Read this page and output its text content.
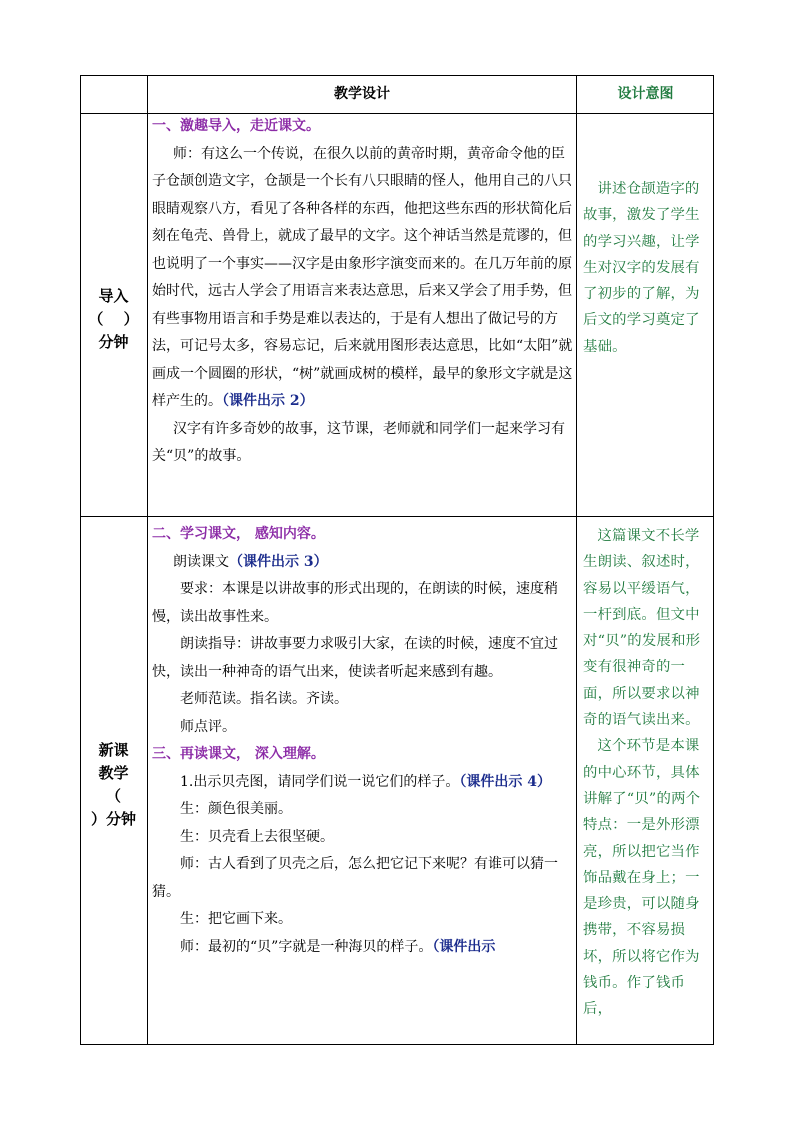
教学设计	设计意图
导入
（　 ）
分钟

一、激趣导入，走近课文。

师：有这么一个传说，在很久以前的黄帝时期，黄帝命令他的臣子仓颉创造文字，仓颉是一个长有八只眼睛的怪人，他用自己的八只眼睛观察八方，看见了各种各样的东西，他把这些东西的形状简化后刻在龟壳、兽骨上，就成了最早的文字。这个神话当然是荒谬的，但也说明了一个事实——汉字是由象形字演变而来的。在几万年前的原始时代，远古人学会了用语言来表达意思，后来又学会了用手势，但有些事物用语言和手势是难以表达的，于是有人想出了做记号的方法，可记号太多，容易忘记，后来就用图形表达意思，比如“太阳”就画成一个圆圈的形状，“树”就画成树的模样，最早的象形文字就是这样产生的。（课件出示 2）

汉字有许多奇妙的故事，这节课，老师就和同学们一起来学习有关“贝”的故事。

讲述仓颉造字的故事，激发了学生的学习兴趣，让学生对汉字的发展有了初步的了解，为后文的学习奠定了基础。

新课
教学
（
）分钟

二、学习课文， 感知内容。

朗读课文（课件出示 3）

要求：本课是以讲故事的形式出现的，在朗读的时候，速度稍慢，读出故事性来。

朗读指导：讲故事要力求吸引大家，在读的时候，速度不宜过快，读出一种神奇的语气出来，使读者听起来感到有趣。

老师范读。指名读。齐读。

师点评。

三、再读课文， 深入理解。

1.出示贝壳图，请同学们说一说它们的样子。（课件出示 4）

生：颜色很美丽。

生：贝壳看上去很坚硬。

师：古人看到了贝壳之后，怎么把它记下来呢？有谁可以猜一猜。

生：把它画下来。

师：最初的“贝”字就是一种海贝的样子。（课件出示

这篇课文不长学生朗读、叙述时，容易以平缓语气，一杆到底。但文中对“贝”的发展和形变有很神奇的一面，所以要求以神奇的语气读出来。

这个环节是本课的中心环节，具体讲解了“贝”的两个特点：一是外形漂亮，所以把它当作饰品戴在身上；一是珍贵，可以随身携带，不容易损坏，所以将它作为钱币。作了钱币后，
